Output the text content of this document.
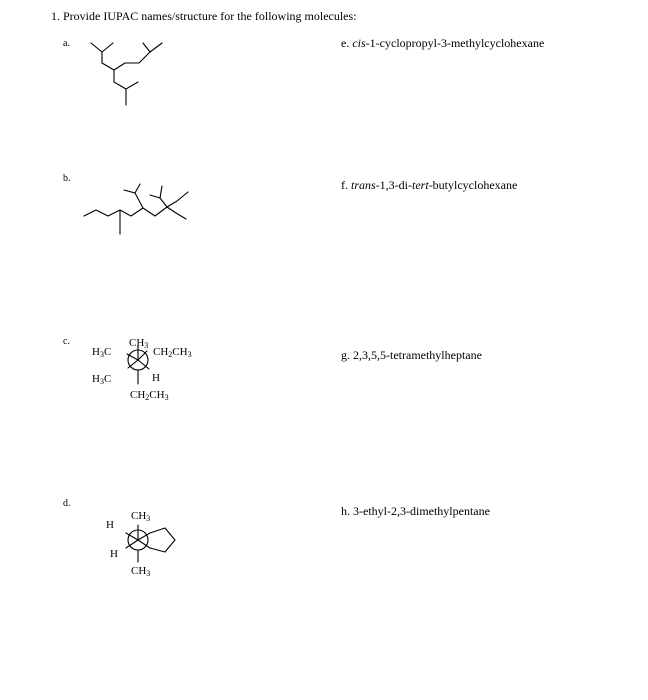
1. Provide IUPAC names/structure for the following molecules:
a.
b.
c.
d.
e. cis-1-cyclopropyl-3-methylcyclohexane
f. trans-1,3-di-tert-butylcyclohexane
g. 2,3,5,5-tetramethylheptane
h. 3-ethyl-2,3-dimethylpentane
CH3
H3C	CH2CH3
H3C	H
CH2CH3
CH3
H
H
CH3
